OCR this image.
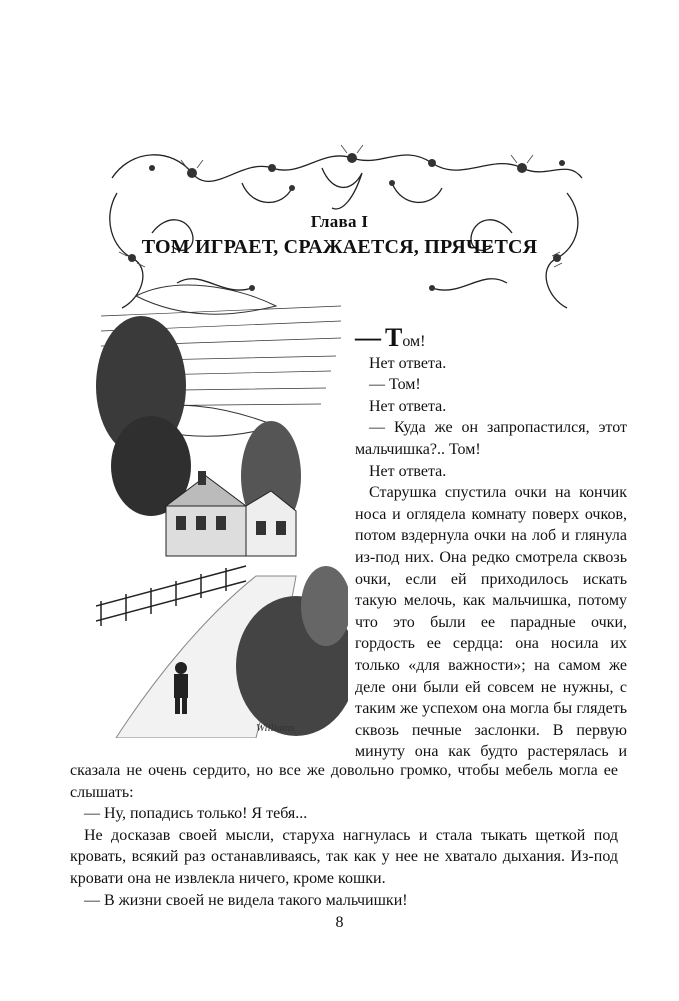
Глава I
ТОМ ИГРАЕТ, СРАЖАЕТСЯ, ПРЯЧЕТСЯ
Williams

— Том!

Нет ответа.

— Том!

Нет ответа.

— Куда же он запропастился, этот мальчишка?.. Том!

Нет ответа.

Старушка спустила очки на кончик носа и оглядела комнату поверх очков, потом вздернула очки на лоб и глянула из-под них. Она редко смотрела сквозь очки, если ей приходилось искать такую мелочь, как мальчишка, потому что это были ее парадные очки, гордость ее сердца: она носила их только «для важности»; на самом же деле они были ей совсем не нужны, с таким же успехом она могла бы глядеть сквозь печные заслонки. В первую минуту она как будто растерялась и

сказала не очень сердито, но все же довольно громко, чтобы мебель могла ее слышать:

— Ну, попадись только! Я тебя...

Не досказав своей мысли, старуха нагнулась и стала тыкать щеткой под кровать, всякий раз останавливаясь, так как у нее не хватало дыхания. Из-под кровати она не извлекла ничего, кроме кошки.

— В жизни своей не видела такого мальчишки!

8
